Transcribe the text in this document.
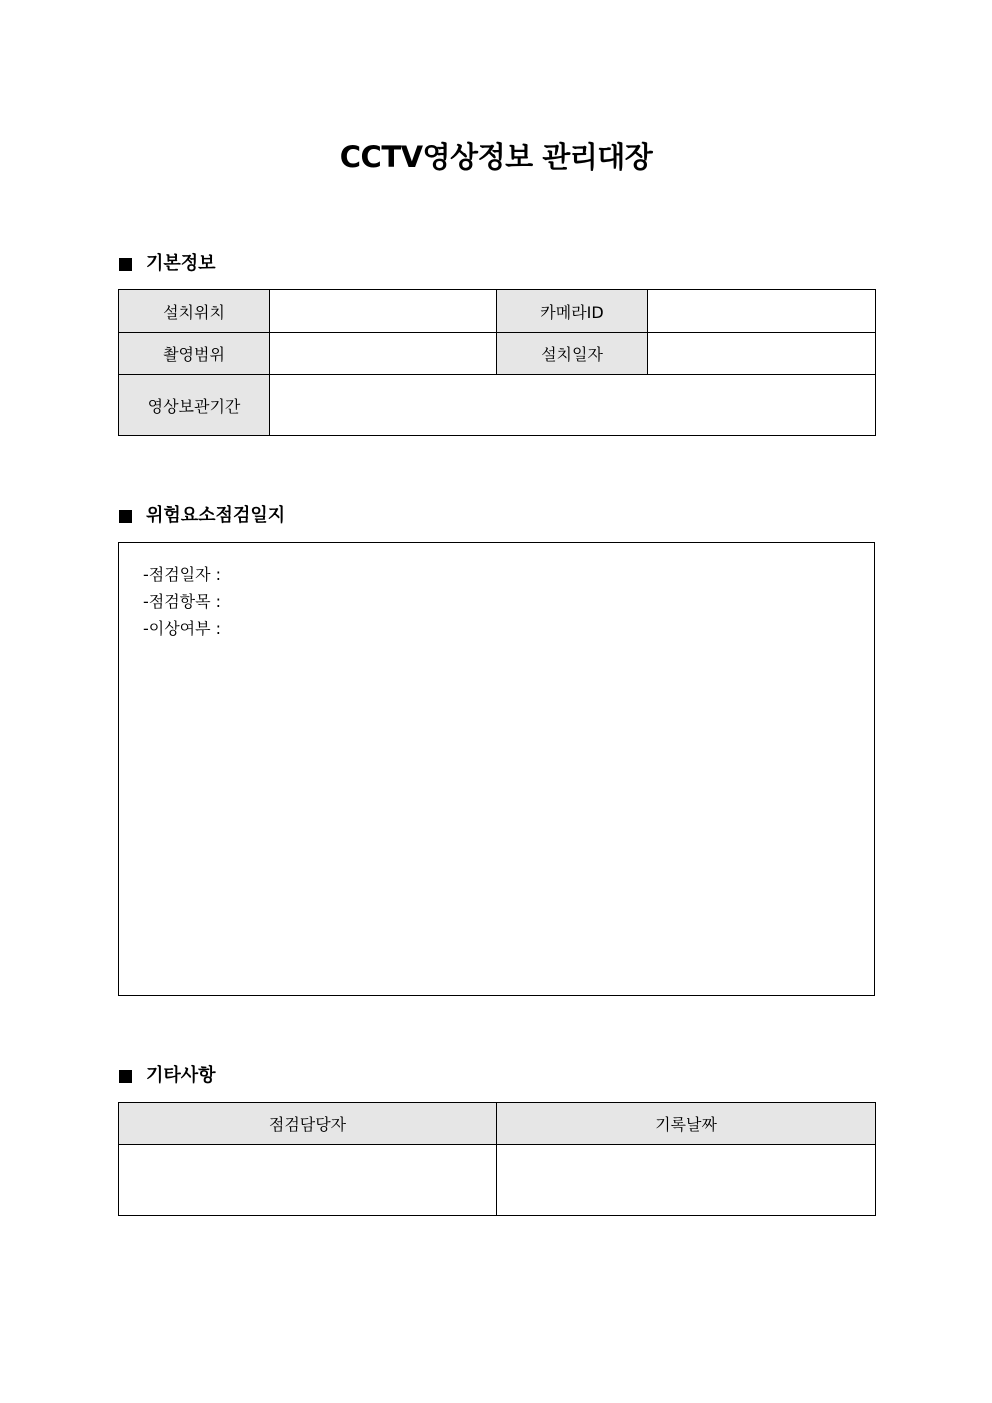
CCTV영상정보 관리대장
기본정보
설치위치		카메라ID	
촬영범위		설치일자	
영상보관기간			
위험요소점검일지
-점검일자 :
-점검항목 :
-이상여부 :
기타사항
점검담당자	기록날짜
